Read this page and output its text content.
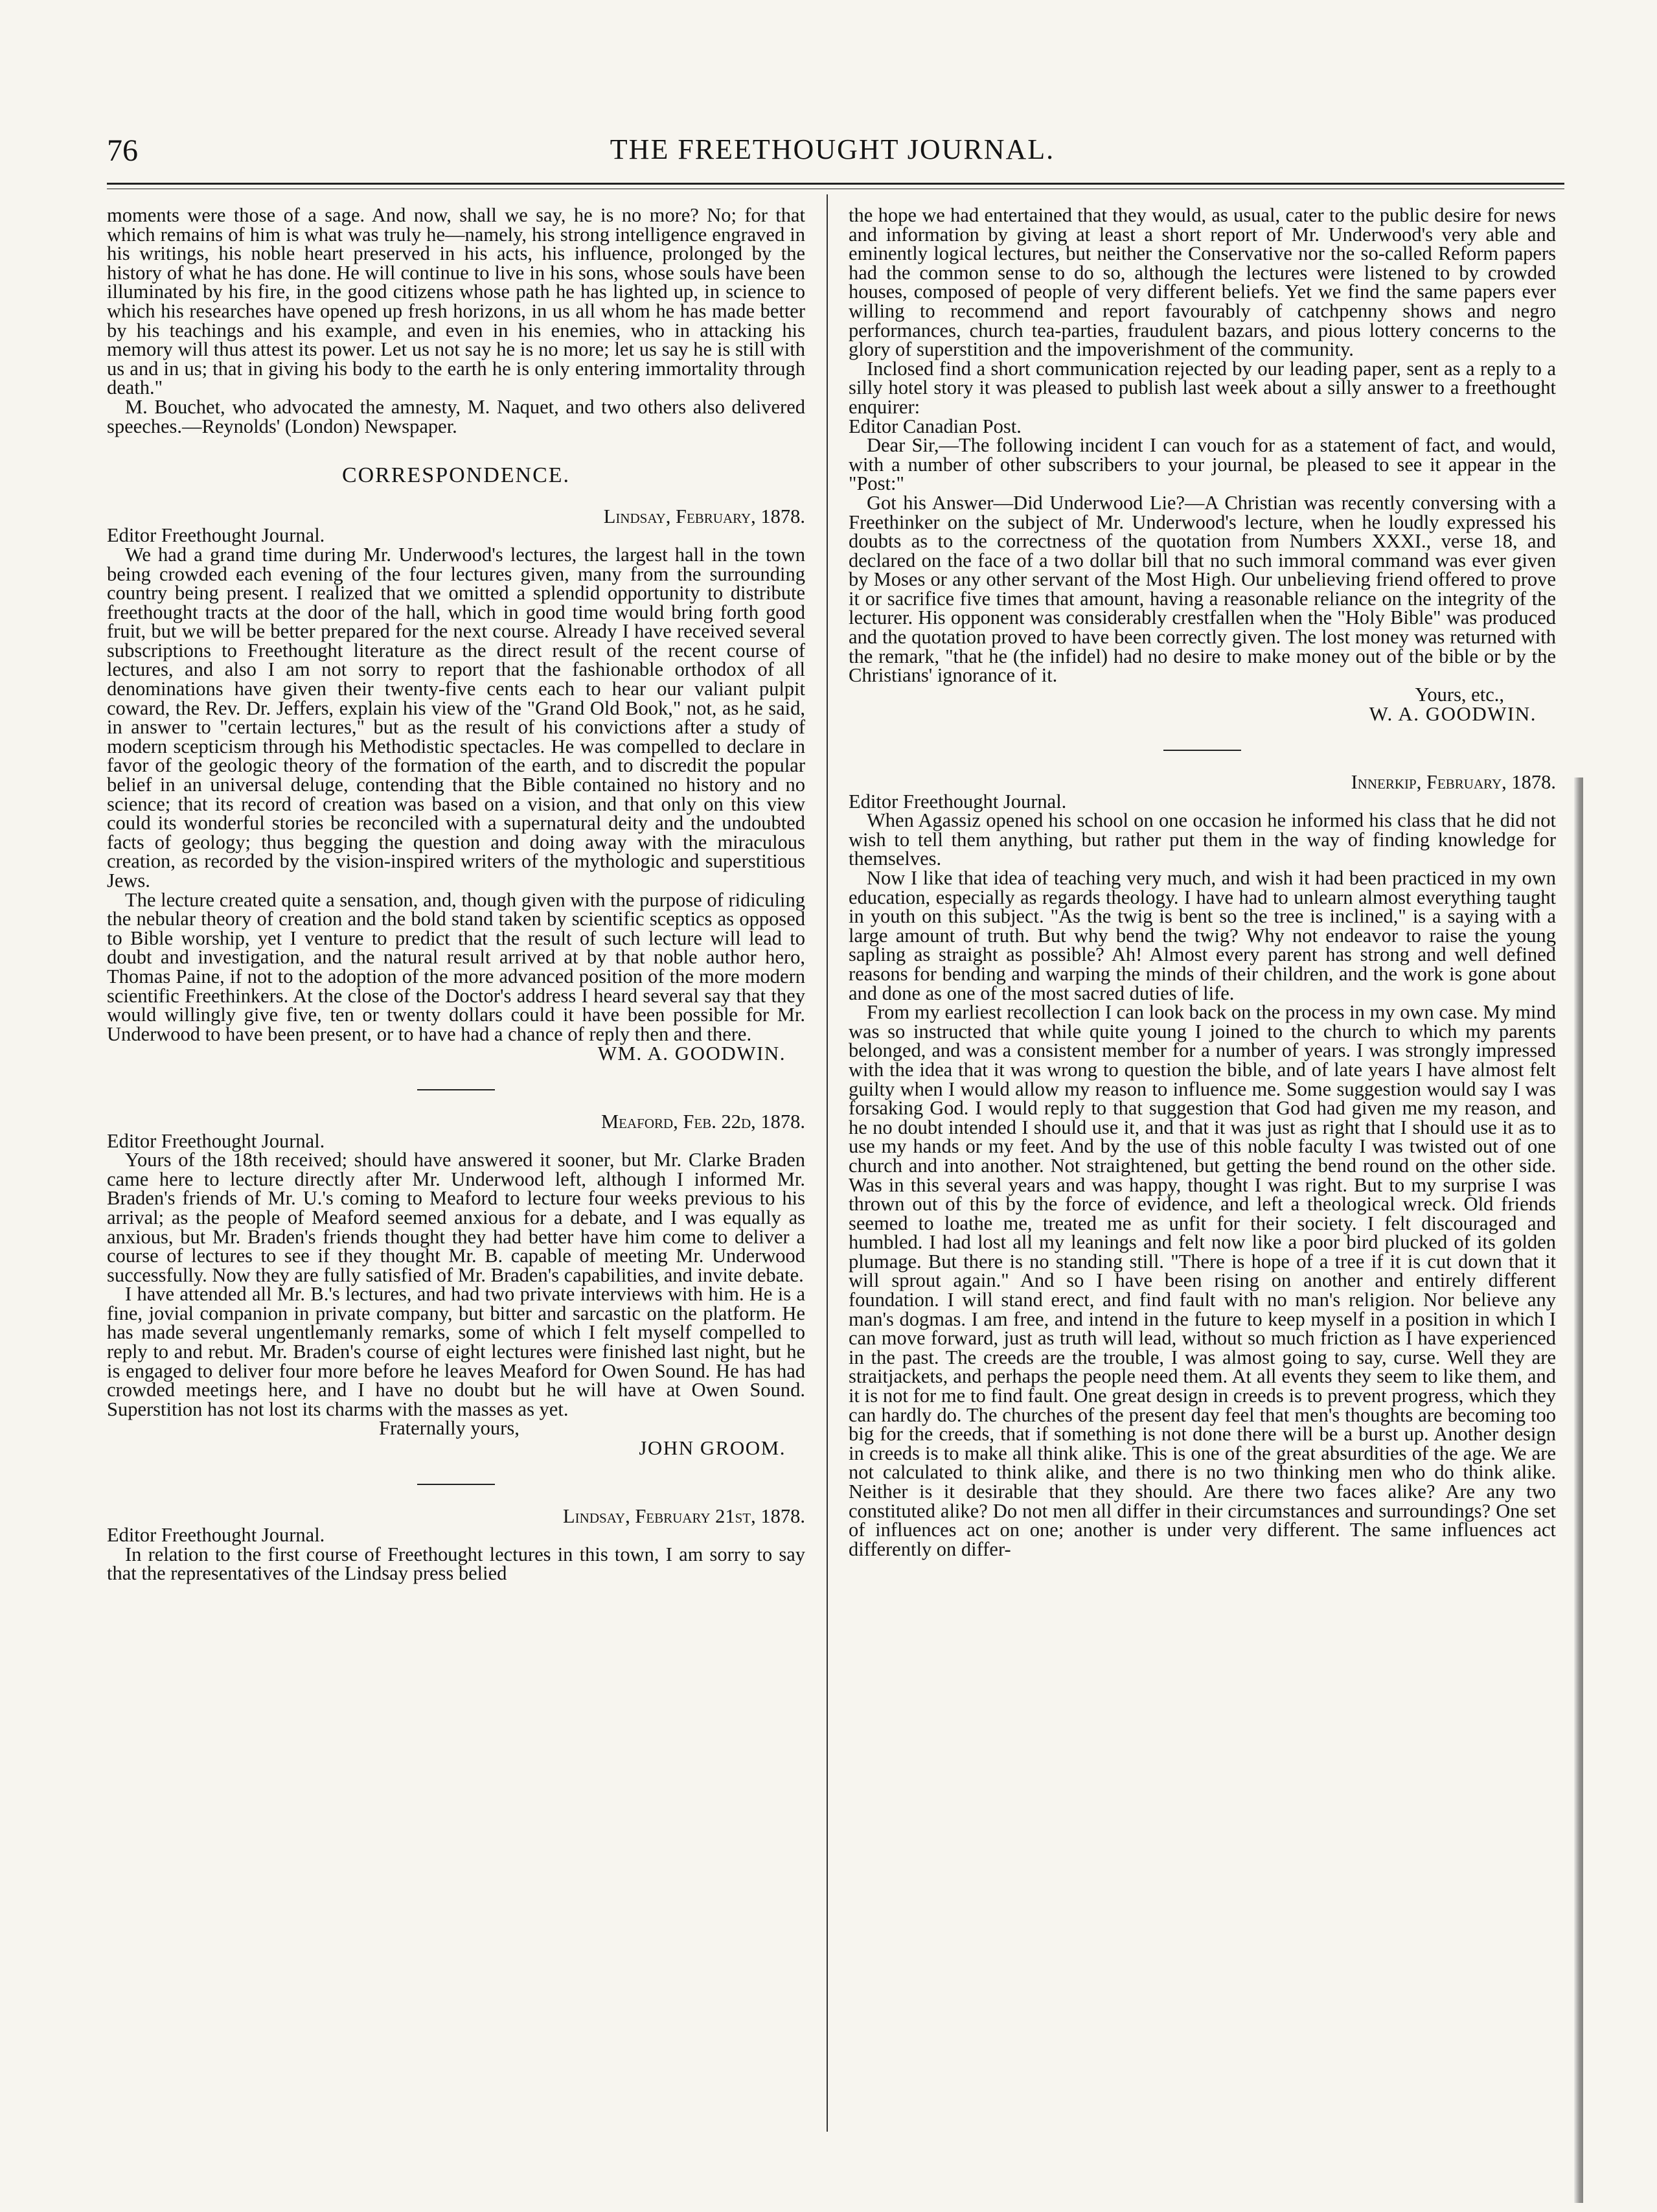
76	THE FREETHOUGHT JOURNAL.

moments were those of a sage. And now, shall we say, he is no more? No; for that which remains of him is what was truly he—namely, his strong intelligence engraved in his writings, his noble heart preserved in his acts, his influence, prolonged by the history of what he has done. He will continue to live in his sons, whose souls have been illuminated by his fire, in the good citizens whose path he has lighted up, in science to which his researches have opened up fresh horizons, in us all whom he has made better by his teachings and his example, and even in his enemies, who in attacking his memory will thus attest its power. Let us not say he is no more; let us say he is still with us and in us; that in giving his body to the earth he is only entering immortality through death."

M. Bouchet, who advocated the amnesty, M. Naquet, and two others also delivered speeches.—Reynolds' (London) Newspaper.

CORRESPONDENCE.

Lindsay, February, 1878.

Editor Freethought Journal.

We had a grand time during Mr. Underwood's lectures, the largest hall in the town being crowded each evening of the four lectures given, many from the surrounding country being present. I realized that we omitted a splendid opportunity to distribute freethought tracts at the door of the hall, which in good time would bring forth good fruit, but we will be better prepared for the next course. Already I have received several subscriptions to Freethought literature as the direct result of the recent course of lectures, and also I am not sorry to report that the fashionable orthodox of all denominations have given their twenty-five cents each to hear our valiant pulpit coward, the Rev. Dr. Jeffers, explain his view of the "Grand Old Book," not, as he said, in answer to "certain lectures," but as the result of his convictions after a study of modern scepticism through his Methodistic spectacles. He was compelled to declare in favor of the geologic theory of the formation of the earth, and to discredit the popular belief in an universal deluge, contending that the Bible contained no history and no science; that its record of creation was based on a vision, and that only on this view could its wonderful stories be reconciled with a supernatural deity and the undoubted facts of geology; thus begging the question and doing away with the miraculous creation, as recorded by the vision-inspired writers of the mythologic and superstitious Jews.

The lecture created quite a sensation, and, though given with the purpose of ridiculing the nebular theory of creation and the bold stand taken by scientific sceptics as opposed to Bible worship, yet I venture to predict that the result of such lecture will lead to doubt and investigation, and the natural result arrived at by that noble author hero, Thomas Paine, if not to the adoption of the more advanced position of the more modern scientific Freethinkers. At the close of the Doctor's address I heard several say that they would willingly give five, ten or twenty dollars could it have been possible for Mr. Underwood to have been present, or to have had a chance of reply then and there.

WM. A. GOODWIN.

Meaford, Feb. 22d, 1878.

Editor Freethought Journal.

Yours of the 18th received; should have answered it sooner, but Mr. Clarke Braden came here to lecture directly after Mr. Underwood left, although I informed Mr. Braden's friends of Mr. U.'s coming to Meaford to lecture four weeks previous to his arrival; as the people of Meaford seemed anxious for a debate, and I was equally as anxious, but Mr. Braden's friends thought they had better have him come to deliver a course of lectures to see if they thought Mr. B. capable of meeting Mr. Underwood successfully. Now they are fully satisfied of Mr. Braden's capabilities, and invite debate.

I have attended all Mr. B.'s lectures, and had two private interviews with him. He is a fine, jovial companion in private company, but bitter and sarcastic on the platform. He has made several ungentlemanly remarks, some of which I felt myself compelled to reply to and rebut. Mr. Braden's course of eight lectures were finished last night, but he is engaged to deliver four more before he leaves Meaford for Owen Sound. He has had crowded meetings here, and I have no doubt but he will have at Owen Sound. Superstition has not lost its charms with the masses as yet.

Fraternally yours,

JOHN GROOM.

Lindsay, February 21st, 1878.

Editor Freethought Journal.

In relation to the first course of Freethought lectures in this town, I am sorry to say that the representatives of the Lindsay press belied

the hope we had entertained that they would, as usual, cater to the public desire for news and information by giving at least a short report of Mr. Underwood's very able and eminently logical lectures, but neither the Conservative nor the so-called Reform papers had the common sense to do so, although the lectures were listened to by crowded houses, composed of people of very different beliefs. Yet we find the same papers ever willing to recommend and report favourably of catchpenny shows and negro performances, church tea-parties, fraudulent bazars, and pious lottery concerns to the glory of superstition and the impoverishment of the community.

Inclosed find a short communication rejected by our leading paper, sent as a reply to a silly hotel story it was pleased to publish last week about a silly answer to a freethought enquirer:

Editor Canadian Post.

Dear Sir,—The following incident I can vouch for as a statement of fact, and would, with a number of other subscribers to your journal, be pleased to see it appear in the "Post:"

Got his Answer—Did Underwood Lie?—A Christian was recently conversing with a Freethinker on the subject of Mr. Underwood's lecture, when he loudly expressed his doubts as to the correctness of the quotation from Numbers XXXI., verse 18, and declared on the face of a two dollar bill that no such immoral command was ever given by Moses or any other servant of the Most High. Our unbelieving friend offered to prove it or sacrifice five times that amount, having a reasonable reliance on the integrity of the lecturer. His opponent was considerably crestfallen when the "Holy Bible" was produced and the quotation proved to have been correctly given. The lost money was returned with the remark, "that he (the infidel) had no desire to make money out of the bible or by the Christians' ignorance of it.

Yours, etc.,

W. A. GOODWIN.

Innerkip, February, 1878.

Editor Freethought Journal.

When Agassiz opened his school on one occasion he informed his class that he did not wish to tell them anything, but rather put them in the way of finding knowledge for themselves.

Now I like that idea of teaching very much, and wish it had been practiced in my own education, especially as regards theology. I have had to unlearn almost everything taught in youth on this subject. "As the twig is bent so the tree is inclined," is a saying with a large amount of truth. But why bend the twig? Why not endeavor to raise the young sapling as straight as possible? Ah! Almost every parent has strong and well defined reasons for bending and warping the minds of their children, and the work is gone about and done as one of the most sacred duties of life.

From my earliest recollection I can look back on the process in my own case. My mind was so instructed that while quite young I joined to the church to which my parents belonged, and was a consistent member for a number of years. I was strongly impressed with the idea that it was wrong to question the bible, and of late years I have almost felt guilty when I would allow my reason to influence me. Some suggestion would say I was forsaking God. I would reply to that suggestion that God had given me my reason, and he no doubt intended I should use it, and that it was just as right that I should use it as to use my hands or my feet. And by the use of this noble faculty I was twisted out of one church and into another. Not straightened, but getting the bend round on the other side. Was in this several years and was happy, thought I was right. But to my surprise I was thrown out of this by the force of evidence, and left a theological wreck. Old friends seemed to loathe me, treated me as unfit for their society. I felt discouraged and humbled. I had lost all my leanings and felt now like a poor bird plucked of its golden plumage. But there is no standing still. "There is hope of a tree if it is cut down that it will sprout again." And so I have been rising on another and entirely different foundation. I will stand erect, and find fault with no man's religion. Nor believe any man's dogmas. I am free, and intend in the future to keep myself in a position in which I can move forward, just as truth will lead, without so much friction as I have experienced in the past. The creeds are the trouble, I was almost going to say, curse. Well they are straitjackets, and perhaps the people need them. At all events they seem to like them, and it is not for me to find fault. One great design in creeds is to prevent progress, which they can hardly do. The churches of the present day feel that men's thoughts are becoming too big for the creeds, that if something is not done there will be a burst up. Another design in creeds is to make all think alike. This is one of the great absurdities of the age. We are not calculated to think alike, and there is no two thinking men who do think alike. Neither is it desirable that they should. Are there two faces alike? Are any two constituted alike? Do not men all differ in their circumstances and surroundings? One set of influences act on one; another is under very different. The same influences act differently on differ-
